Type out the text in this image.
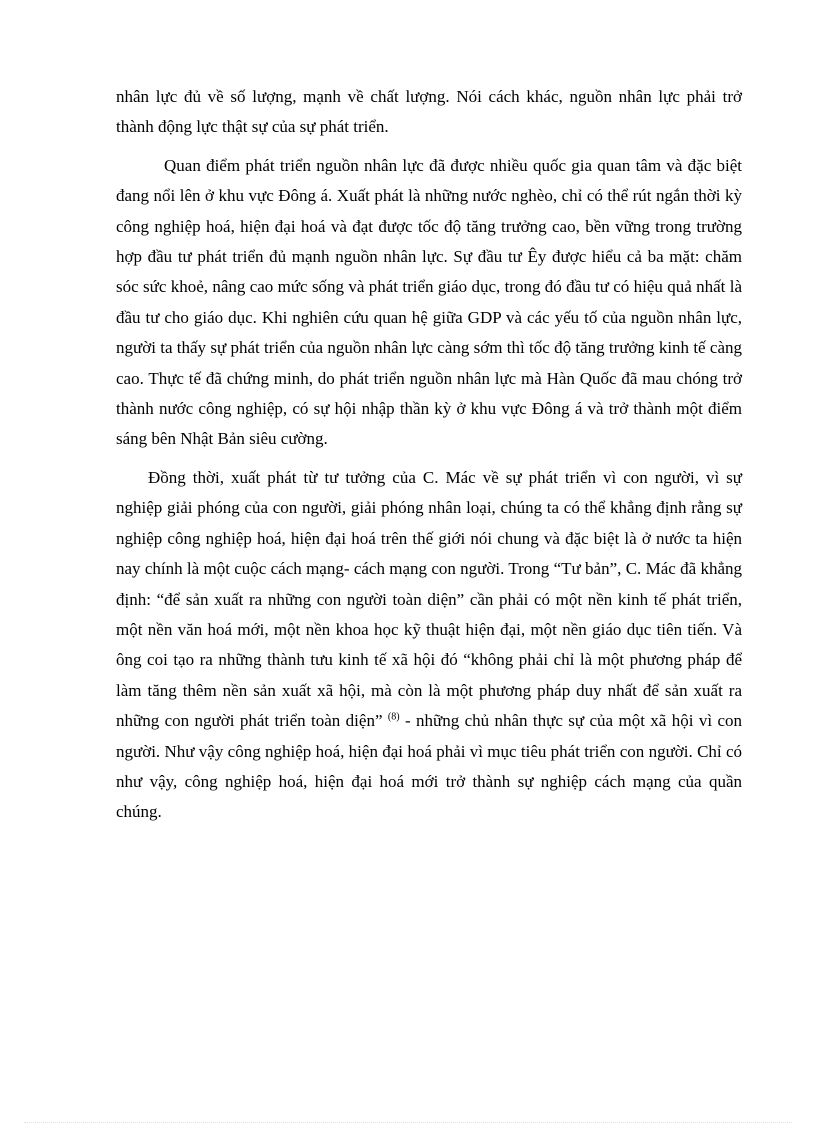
nhân lực đủ về số lượng, mạnh về chất lượng. Nói cách khác, nguồn nhân lực phải trở thành động lực thật sự của sự phát triển.

Quan điểm phát triển nguồn nhân lực đã được nhiều quốc gia quan tâm và đặc biệt đang nổi lên ở khu vực Đông á. Xuất phát là những nước nghèo, chỉ có thể rút ngắn thời kỳ công nghiệp hoá, hiện đại hoá và đạt được tốc độ tăng trưởng cao, bền vững trong trường hợp đầu tư phát triển đủ mạnh nguồn nhân lực. Sự đầu tư Êy được hiểu cả ba mặt: chăm sóc sức khoẻ, nâng cao mức sống và phát triển giáo dục, trong đó đầu tư có hiệu quả nhất là đầu tư cho giáo dục. Khi nghiên cứu quan hệ giữa GDP và các yếu tố của nguồn nhân lực, người ta thấy sự phát triển của nguồn nhân lực càng sớm thì tốc độ tăng trưởng kinh tế càng cao. Thực tế đã chứng minh, do phát triển nguồn nhân lực mà Hàn Quốc đã mau chóng trở thành nước công nghiệp, có sự hội nhập thần kỳ ở khu vực Đông á và trở thành một điểm sáng bên Nhật Bản siêu cường.

Đồng thời, xuất phát từ tư tưởng của C. Mác về sự phát triển vì con người, vì sự nghiệp giải phóng của con người, giải phóng nhân loại, chúng ta có thể khẳng định rằng sự nghiệp công nghiệp hoá, hiện đại hoá trên thế giới nói chung và đặc biệt là ở nước ta hiện nay chính là một cuộc cách mạng- cách mạng con người. Trong “Tư bản”, C. Mác đã khẳng định: “để sản xuất ra những con người toàn diện” cần phải có một nền kinh tế phát triển, một nền văn hoá mới, một nền khoa học kỹ thuật hiện đại, một nền giáo dục tiên tiến. Và ông coi tạo ra những thành tưu kinh tế xã hội đó “không phải chỉ là một phương pháp để làm tăng thêm nền sản xuất xã hội, mà còn là một phương pháp duy nhất để sản xuất ra những con người phát triển toàn diện” $^{(8)}$ - những chủ nhân thực sự của một xã hội vì con người. Như vậy công nghiệp hoá, hiện đại hoá phải vì mục tiêu phát triển con người. Chỉ có như vậy, công nghiệp hoá, hiện đại hoá mới trở thành sự nghiệp cách mạng của quần chúng.
